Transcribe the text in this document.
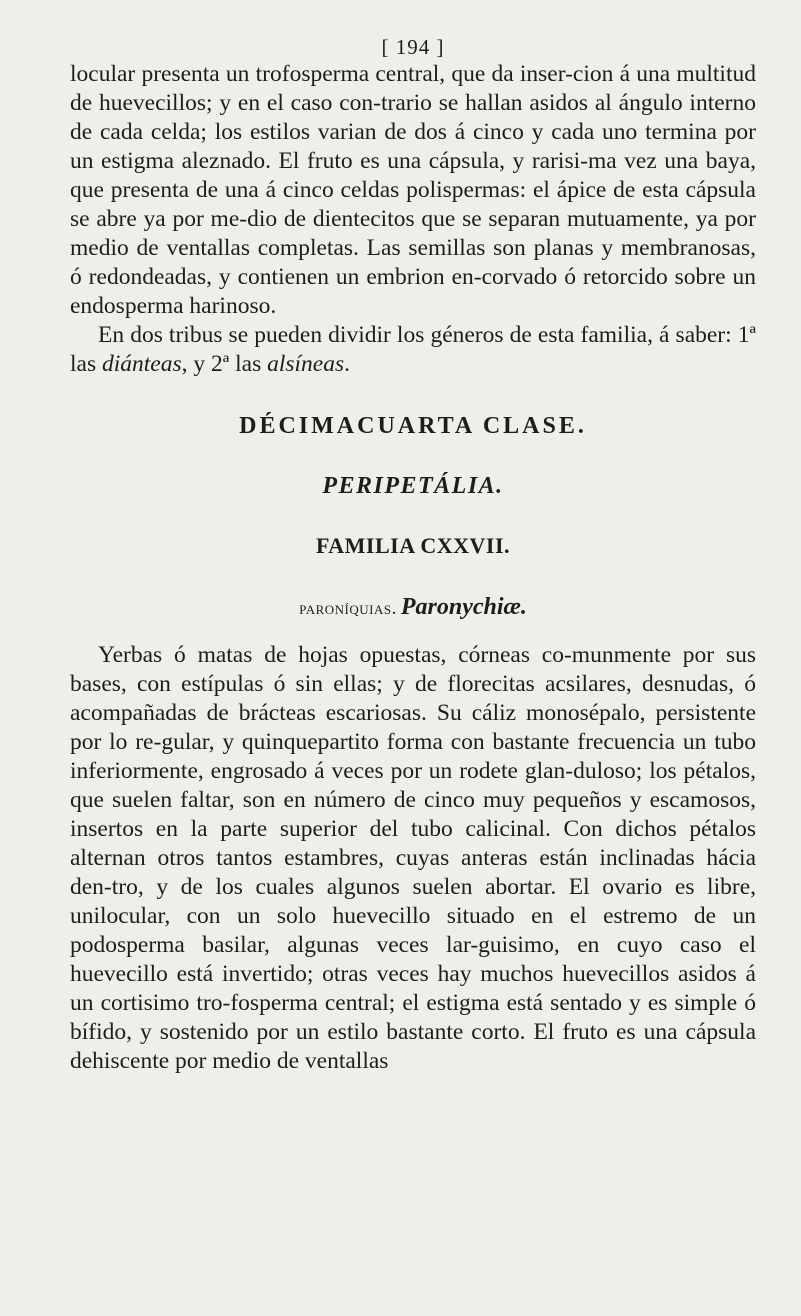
[ 194 ]

locular presenta un trofosperma central, que da inser-cion á una multitud de huevecillos; y en el caso con-trario se hallan asidos al ángulo interno de cada celda; los estilos varian de dos á cinco y cada uno termina por un estigma aleznado. El fruto es una cápsula, y rarisi-ma vez una baya, que presenta de una á cinco celdas polispermas: el ápice de esta cápsula se abre ya por me-dio de dientecitos que se separan mutuamente, ya por medio de ventallas completas. Las semillas son planas y membranosas, ó redondeadas, y contienen un embrion en-corvado ó retorcido sobre un endosperma harinoso.

En dos tribus se pueden dividir los géneros de esta familia, á saber: 1ª las diánteas, y 2ª las alsíneas.

DÉCIMACUARTA CLASE.
PERIPETÁLIA.
FAMILIA CXXVII.
paroníquias. Paronychiæ.

Yerbas ó matas de hojas opuestas, córneas co-munmente por sus bases, con estípulas ó sin ellas; y de florecitas acsilares, desnudas, ó acompañadas de brácteas escariosas. Su cáliz monosépalo, persistente por lo re-gular, y quinquepartito forma con bastante frecuencia un tubo inferiormente, engrosado á veces por un rodete glan-duloso; los pétalos, que suelen faltar, son en número de cinco muy pequeños y escamosos, insertos en la parte superior del tubo calicinal. Con dichos pétalos alternan otros tantos estambres, cuyas anteras están inclinadas hácia den-tro, y de los cuales algunos suelen abortar. El ovario es libre, unilocular, con un solo huevecillo situado en el estremo de un podosperma basilar, algunas veces lar-guisimo, en cuyo caso el huevecillo está invertido; otras veces hay muchos huevecillos asidos á un cortisimo tro-fosperma central; el estigma está sentado y es simple ó bífido, y sostenido por un estilo bastante corto. El fruto es una cápsula dehiscente por medio de ventallas
